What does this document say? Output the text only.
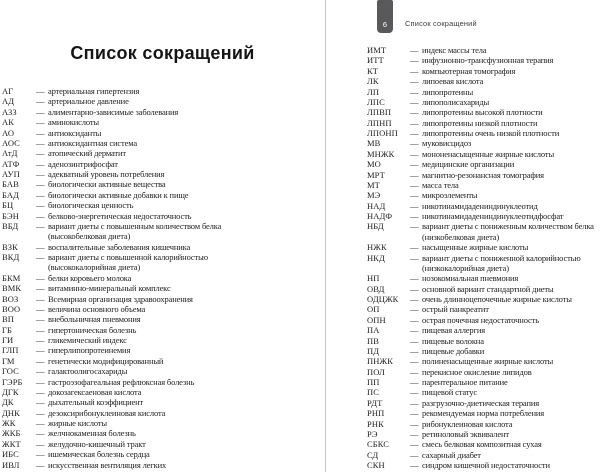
Список сокращений
АГ	— артериальная гипертензия
АД	— артериальное давление
АЗЗ	— алиментарно-зависимые заболевания
АК	— аминокислоты
АО	— антиоксиданты
АОС	— антиоксидантная система
АтД	— атопический дерматит
АТФ	— аденозинтрифосфат
АУП	— адекватный уровень потребления
БАВ	— биологически активные вещества
БАД	— биологически активные добавки к пище
БЦ	— биологическая ценность
БЭН	— белково-энергетическая недостаточность
ВБД	— вариант диеты с повышенным количеством белка
(высокобелковая диета)
ВЗК	— воспалительные заболевания кишечника
ВКД	— вариант диеты с повышенной калорийностью
(высококалорийная диета)
БКМ	— белки коровьего молока
ВМК	— витаминно-минеральный комплекс
ВОЗ	— Всемирная организация здравоохранения
ВОО	— величина основного объема
ВП	— внебольничная пневмония
ГБ	— гипертоническая болезнь
ГИ	— гликемический индекс
ГЛП	— гиперлипопротеинемия
ГМ	— генетически модифицированный
ГОС	— галактоолигосахариды
ГЭРБ	— гастроэзофагеальная рефлюксная болезнь
ДГК	— докозагексаеновая кислота
ДК	— дыхательный коэффициент
ДНК	— дезоксирибонуклеиновая кислота
ЖК	— жирные кислоты
ЖКБ	— желчнокаменная болезнь
ЖКТ	— желудочно-кишечный тракт
ИБС	— ишемическая болезнь сердца
ИВЛ	— искусственная вентиляция легких
6 Список сокращений
ИМТ	— индекс массы тела
ИТТ	— инфузионно-трансфузионная терапия
КТ	— компьютерная томография
ЛК	— липоевая кислота
ЛП	— липопротеины
ЛПС	— липополисахариды
ЛПВП	— липопротеины высокой плотности
ЛПНП	— липопротеины низкой плотности
ЛПОНП	— липопротеины очень низкой плотности
МВ	— муковисцидоз
МНЖК	— мононенасыщенные жирные кислоты
МО	— медицинские организации
МРТ	— магнитно-резонансная томография
МТ	— масса тела
МЭ	— микроэлементы
НАД	— никотинамидадениндинуклеотид
НАДФ	— никотинамидадениндинуклеотидфосфат
НБД	— вариант диеты с пониженным количеством белка
(низкобелковая диета)
НЖК	— насыщенные жирные кислоты
НКД	— вариант диеты с пониженной калорийностью
(низкокалорийная диета)
НП	— нозокомиальная пневмония
ОВД	— основной вариант стандартной диеты
ОДЦЖК	— очень длинноцепочечные жирные кислоты
ОП	— острый панкреатит
ОПН	— острая почечная недостаточность
ПА	— пищевая аллергия
ПВ	— пищевые волокна
ПД	— пищевые добавки
ПНЖК	— полиненасыщенные жирные кислоты
ПОЛ	— перекисное окисление липидов
ПП	— парентеральное питание
ПС	— пищевой статус
РДТ	— разгрузочно-диетическая терапия
РНП	— рекомендуемая норма потребления
РНК	— рибонуклеиновая кислота
РЭ	— ретиноловый эквивалент
СБКС	— смесь белковая композитная сухая
СД	— сахарный диабет
СКН	— синдром кишечной недостаточности
